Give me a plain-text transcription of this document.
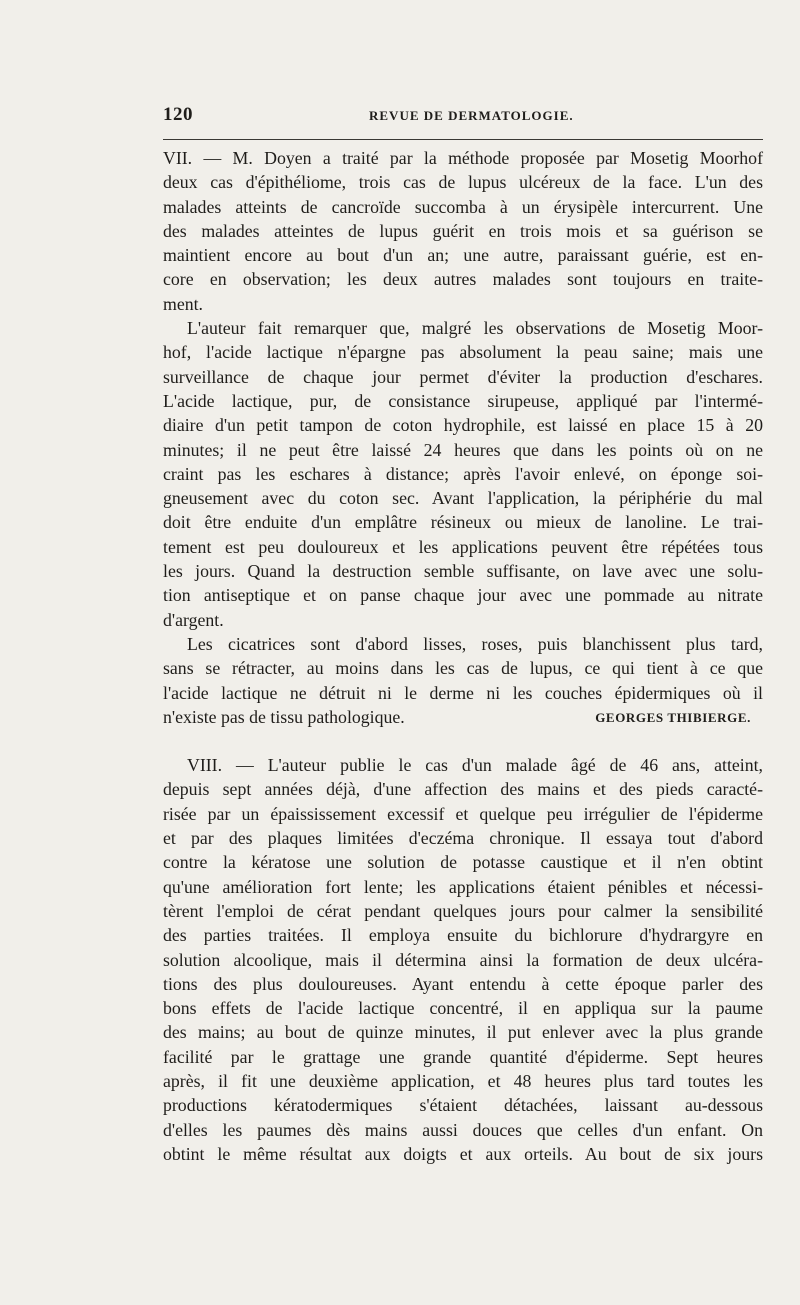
120	REVUE DE DERMATOLOGIE.
VII. — M. Doyen a traité par la méthode proposée par Mosetig Moorhof
deux cas d'épithéliome, trois cas de lupus ulcéreux de la face. L'un des
malades atteints de cancroïde succomba à un érysipèle intercurrent. Une
des malades atteintes de lupus guérit en trois mois et sa guérison se
maintient encore au bout d'un an; une autre, paraissant guérie, est en-
core en observation; les deux autres malades sont toujours en traite-
ment.
L'auteur fait remarquer que, malgré les observations de Mosetig Moor-
hof, l'acide lactique n'épargne pas absolument la peau saine; mais une
surveillance de chaque jour permet d'éviter la production d'eschares.
L'acide lactique, pur, de consistance sirupeuse, appliqué par l'intermé-
diaire d'un petit tampon de coton hydrophile, est laissé en place 15 à 20
minutes; il ne peut être laissé 24 heures que dans les points où on ne
craint pas les eschares à distance; après l'avoir enlevé, on éponge soi-
gneusement avec du coton sec. Avant l'application, la périphérie du mal
doit être enduite d'un emplâtre résineux ou mieux de lanoline. Le trai-
tement est peu douloureux et les applications peuvent être répétées tous
les jours. Quand la destruction semble suffisante, on lave avec une solu-
tion antiseptique et on panse chaque jour avec une pommade au nitrate
d'argent.
Les cicatrices sont d'abord lisses, roses, puis blanchissent plus tard,
sans se rétracter, au moins dans les cas de lupus, ce qui tient à ce que
l'acide lactique ne détruit ni le derme ni les couches épidermiques où il
n'existe pas de tissu pathologique.	GEORGES THIBIERGE.
VIII. — L'auteur publie le cas d'un malade âgé de 46 ans, atteint,
depuis sept années déjà, d'une affection des mains et des pieds caracté-
risée par un épaississement excessif et quelque peu irrégulier de l'épiderme
et par des plaques limitées d'eczéma chronique. Il essaya tout d'abord
contre la kératose une solution de potasse caustique et il n'en obtint
qu'une amélioration fort lente; les applications étaient pénibles et nécessi-
tèrent l'emploi de cérat pendant quelques jours pour calmer la sensibilité
des parties traitées. Il employa ensuite du bichlorure d'hydrargyre en
solution alcoolique, mais il détermina ainsi la formation de deux ulcéra-
tions des plus douloureuses. Ayant entendu à cette époque parler des
bons effets de l'acide lactique concentré, il en appliqua sur la paume
des mains; au bout de quinze minutes, il put enlever avec la plus grande
facilité par le grattage une grande quantité d'épiderme. Sept heures
après, il fit une deuxième application, et 48 heures plus tard toutes les
productions kératodermiques s'étaient détachées, laissant au-dessous
d'elles les paumes dès mains aussi douces que celles d'un enfant. On
obtint le même résultat aux doigts et aux orteils. Au bout de six jours
